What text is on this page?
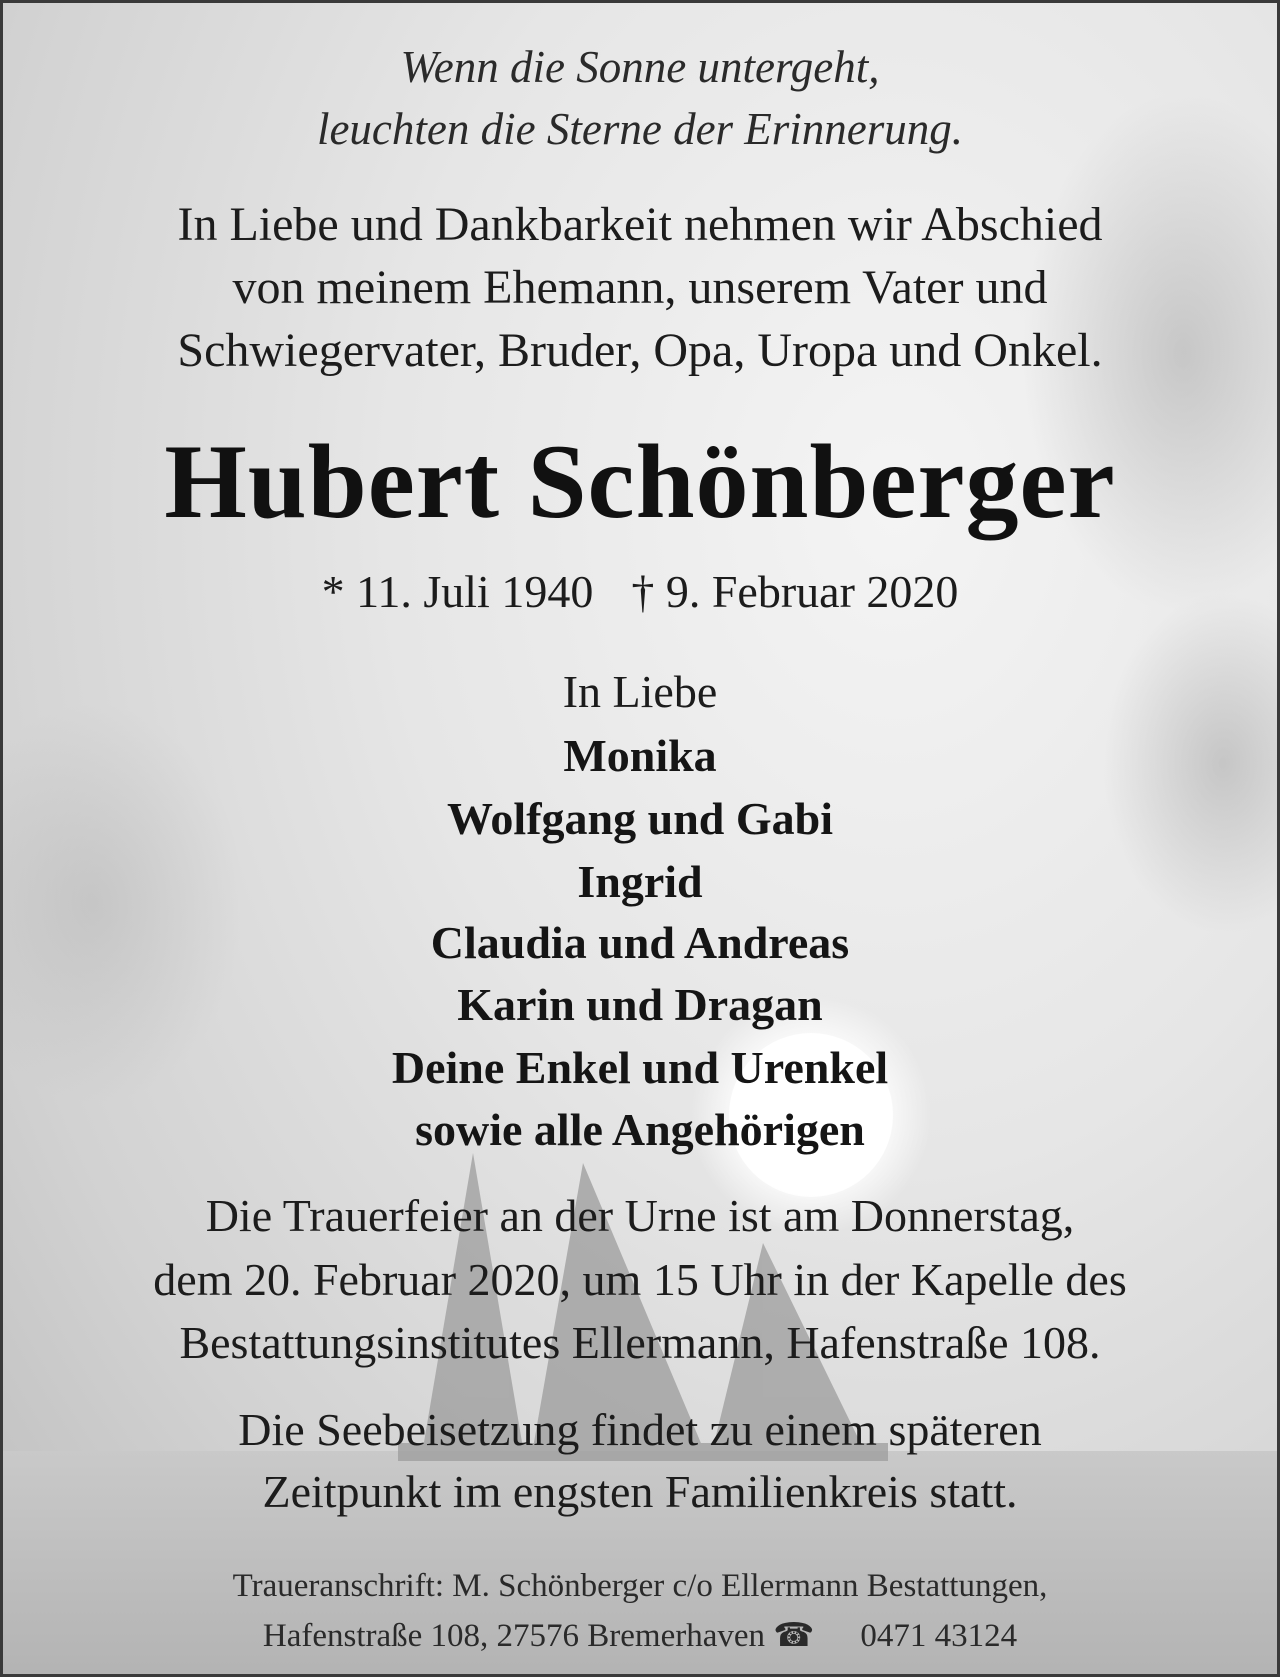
Wenn die Sonne untergeht,
leuchten die Sterne der Erinnerung.
In Liebe und Dankbarkeit nehmen wir Abschied
von meinem Ehemann, unserem Vater und
Schwiegervater, Bruder, Opa, Uropa und Onkel.
Hubert Schönberger
* 11. Juli 1940 † 9. Februar 2020
In Liebe
Monika
Wolfgang und Gabi
Ingrid
Claudia und Andreas
Karin und Dragan
Deine Enkel und Urenkel
sowie alle Angehörigen
Die Trauerfeier an der Urne ist am Donnerstag,
dem 20. Februar 2020, um 15 Uhr in der Kapelle des
Bestattungsinstitutes Ellermann, Hafenstraße 108.
Die Seebeisetzung findet zu einem späteren
Zeitpunkt im engsten Familienkreis statt.
Traueranschrift: M. Schönberger c/o Ellermann Bestattungen,
Hafenstraße 108, 27576 Bremerhaven ☎ 0471 43124
